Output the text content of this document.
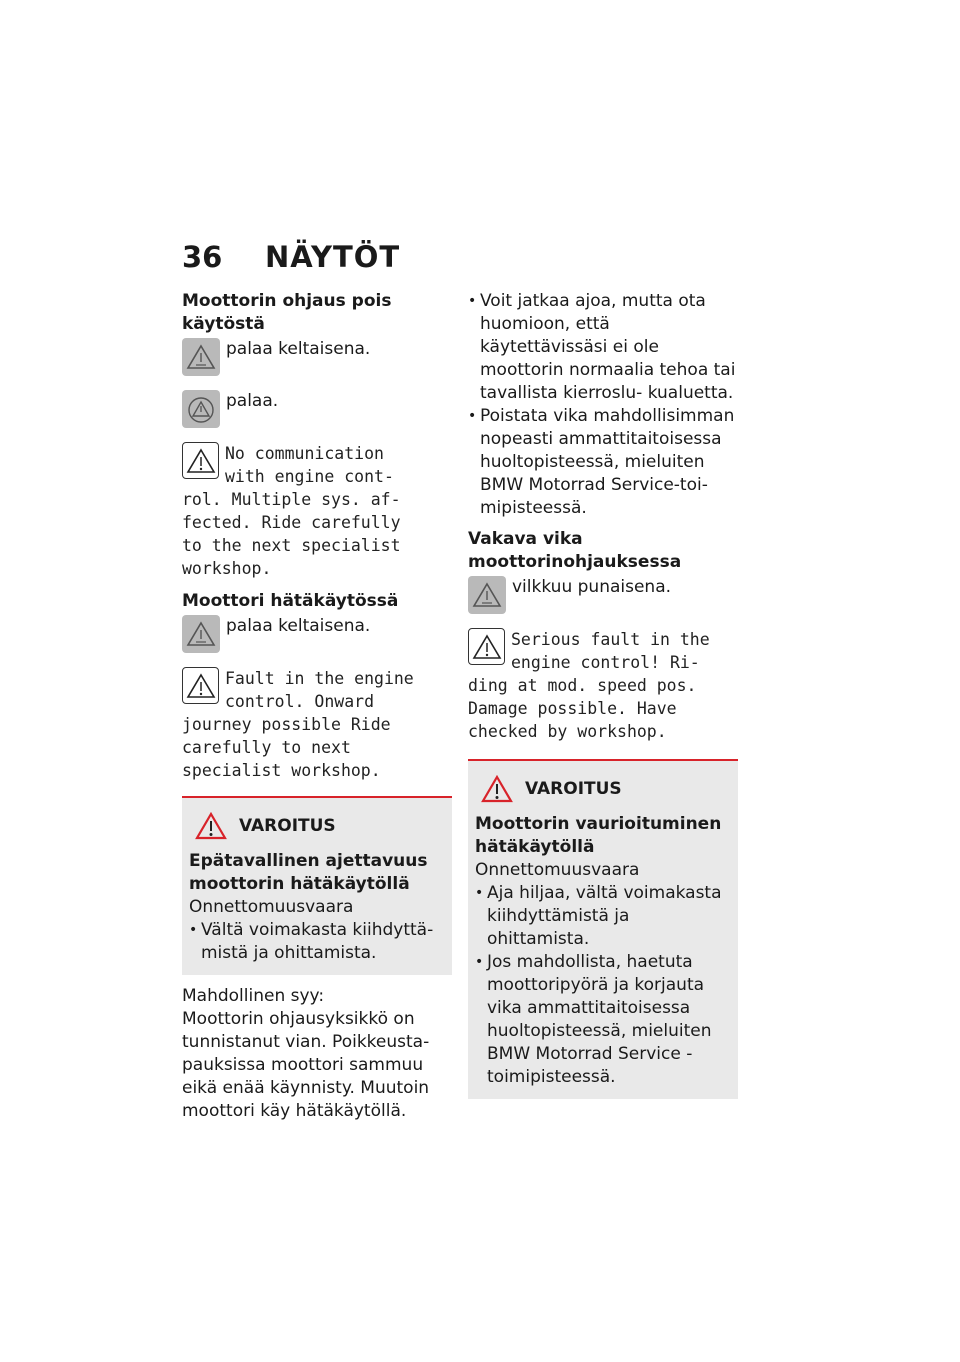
36 NÄYTÖT

Moottorin ohjaus pois käytöstä

palaa keltaisena.

palaa.

No communication

with engine cont-

rol. Multiple sys. af-

fected. Ride carefully

to the next specialist

workshop.

Moottori hätäkäytössä

palaa keltaisena.

Fault in the engine

control. Onward

journey possible Ride

carefully to next

specialist workshop.

VAROITUS

Epätavallinen ajettavuus moottorin hätäkäytöllä

Onnettomuusvaara

• Vältä voimakasta kiihdyttä- mistä ja ohittamista.

Mahdollinen syy:

Moottorin ohjausyksikkö on tunnistanut vian. Poikkeusta- pauksissa moottori sammuu eikä enää käynnisty. Muutoin moottori käy hätäkäytöllä.

• Voit jatkaa ajoa, mutta ota huomioon, että käytettävissäsi ei ole moottorin normaalia tehoa tai tavallista kierroslu- kualuetta.

• Poistata vika mahdollisimman nopeasti ammattitaitoisessa huoltopisteessä, mieluiten BMW Motorrad Service-toi- mipisteessä.

Vakava vika moottorinohjauksessa

vilkkuu punaisena.

Serious fault in the

engine control! Ri-

ding at mod. speed pos.

Damage possible. Have

checked by workshop.

VAROITUS

Moottorin vaurioituminen hätäkäytöllä

Onnettomuusvaara

• Aja hiljaa, vältä voimakasta kiihdyttämistä ja ohittamista.

• Jos mahdollista, haetuta moottoripyörä ja korjauta vika ammattitaitoisessa huoltopisteessä, mieluiten BMW Motorrad Service -toimipisteessä.
